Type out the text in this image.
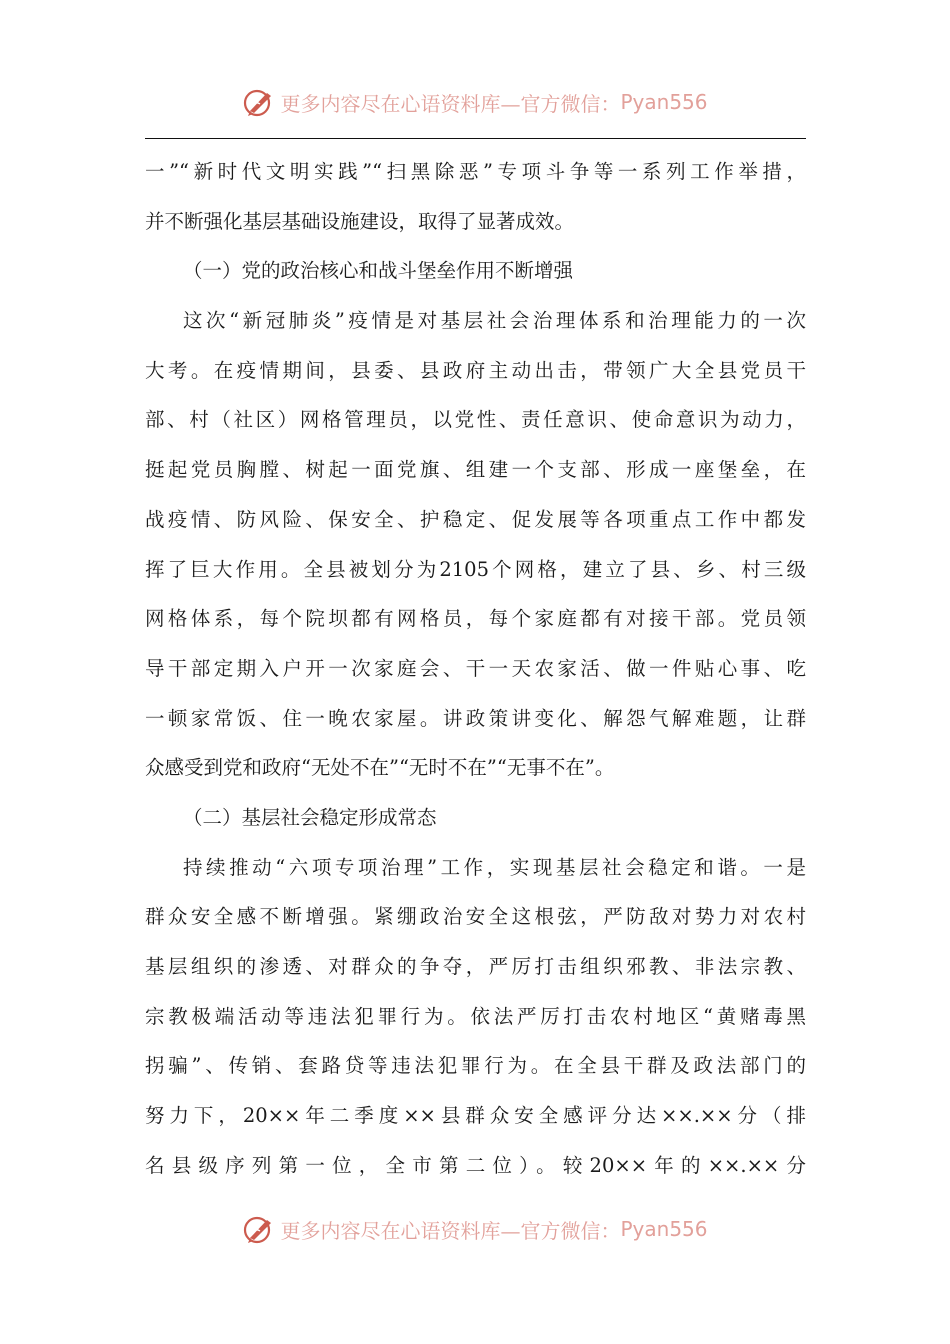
更多内容尽在心语资料库—官方微信： Pyan556
一”“新时代文明实践”“扫黑除恶”专项斗争等一系列工作举措，
并不断强化基层基础设施建设，取得了显著成效。
（一）党的政治核心和战斗堡垒作用不断增强
这次“新冠肺炎”疫情是对基层社会治理体系和治理能力的一次
大考。在疫情期间，县委、县政府主动出击，带领广大全县党员干
部、村（社区）网格管理员，以党性、责任意识、使命意识为动力，
挺起党员胸膛、树起一面党旗、组建一个支部、形成一座堡垒，在
战疫情、防风险、保安全、护稳定、促发展等各项重点工作中都发
挥了巨大作用。全县被划分为2105个网格，建立了县、乡、村三级
网格体系，每个院坝都有网格员，每个家庭都有对接干部。党员领
导干部定期入户开一次家庭会、干一天农家活、做一件贴心事、吃
一顿家常饭、住一晚农家屋。讲政策讲变化、解怨气解难题，让群
众感受到党和政府“无处不在”“无时不在”“无事不在”。
（二）基层社会稳定形成常态
持续推动“六项专项治理”工作，实现基层社会稳定和谐。一是
群众安全感不断增强。紧绷政治安全这根弦，严防敌对势力对农村
基层组织的渗透、对群众的争夺，严厉打击组织邪教、非法宗教、
宗教极端活动等违法犯罪行为。依法严厉打击农村地区“黄赌毒黑
拐骗”、传销、套路贷等违法犯罪行为。在全县干群及政法部门的
努力下，20××年二季度××县群众安全感评分达××.××分（排
名县级序列第一位，全市第二位）。较20××年的××.××分
更多内容尽在心语资料库—官方微信： Pyan556
